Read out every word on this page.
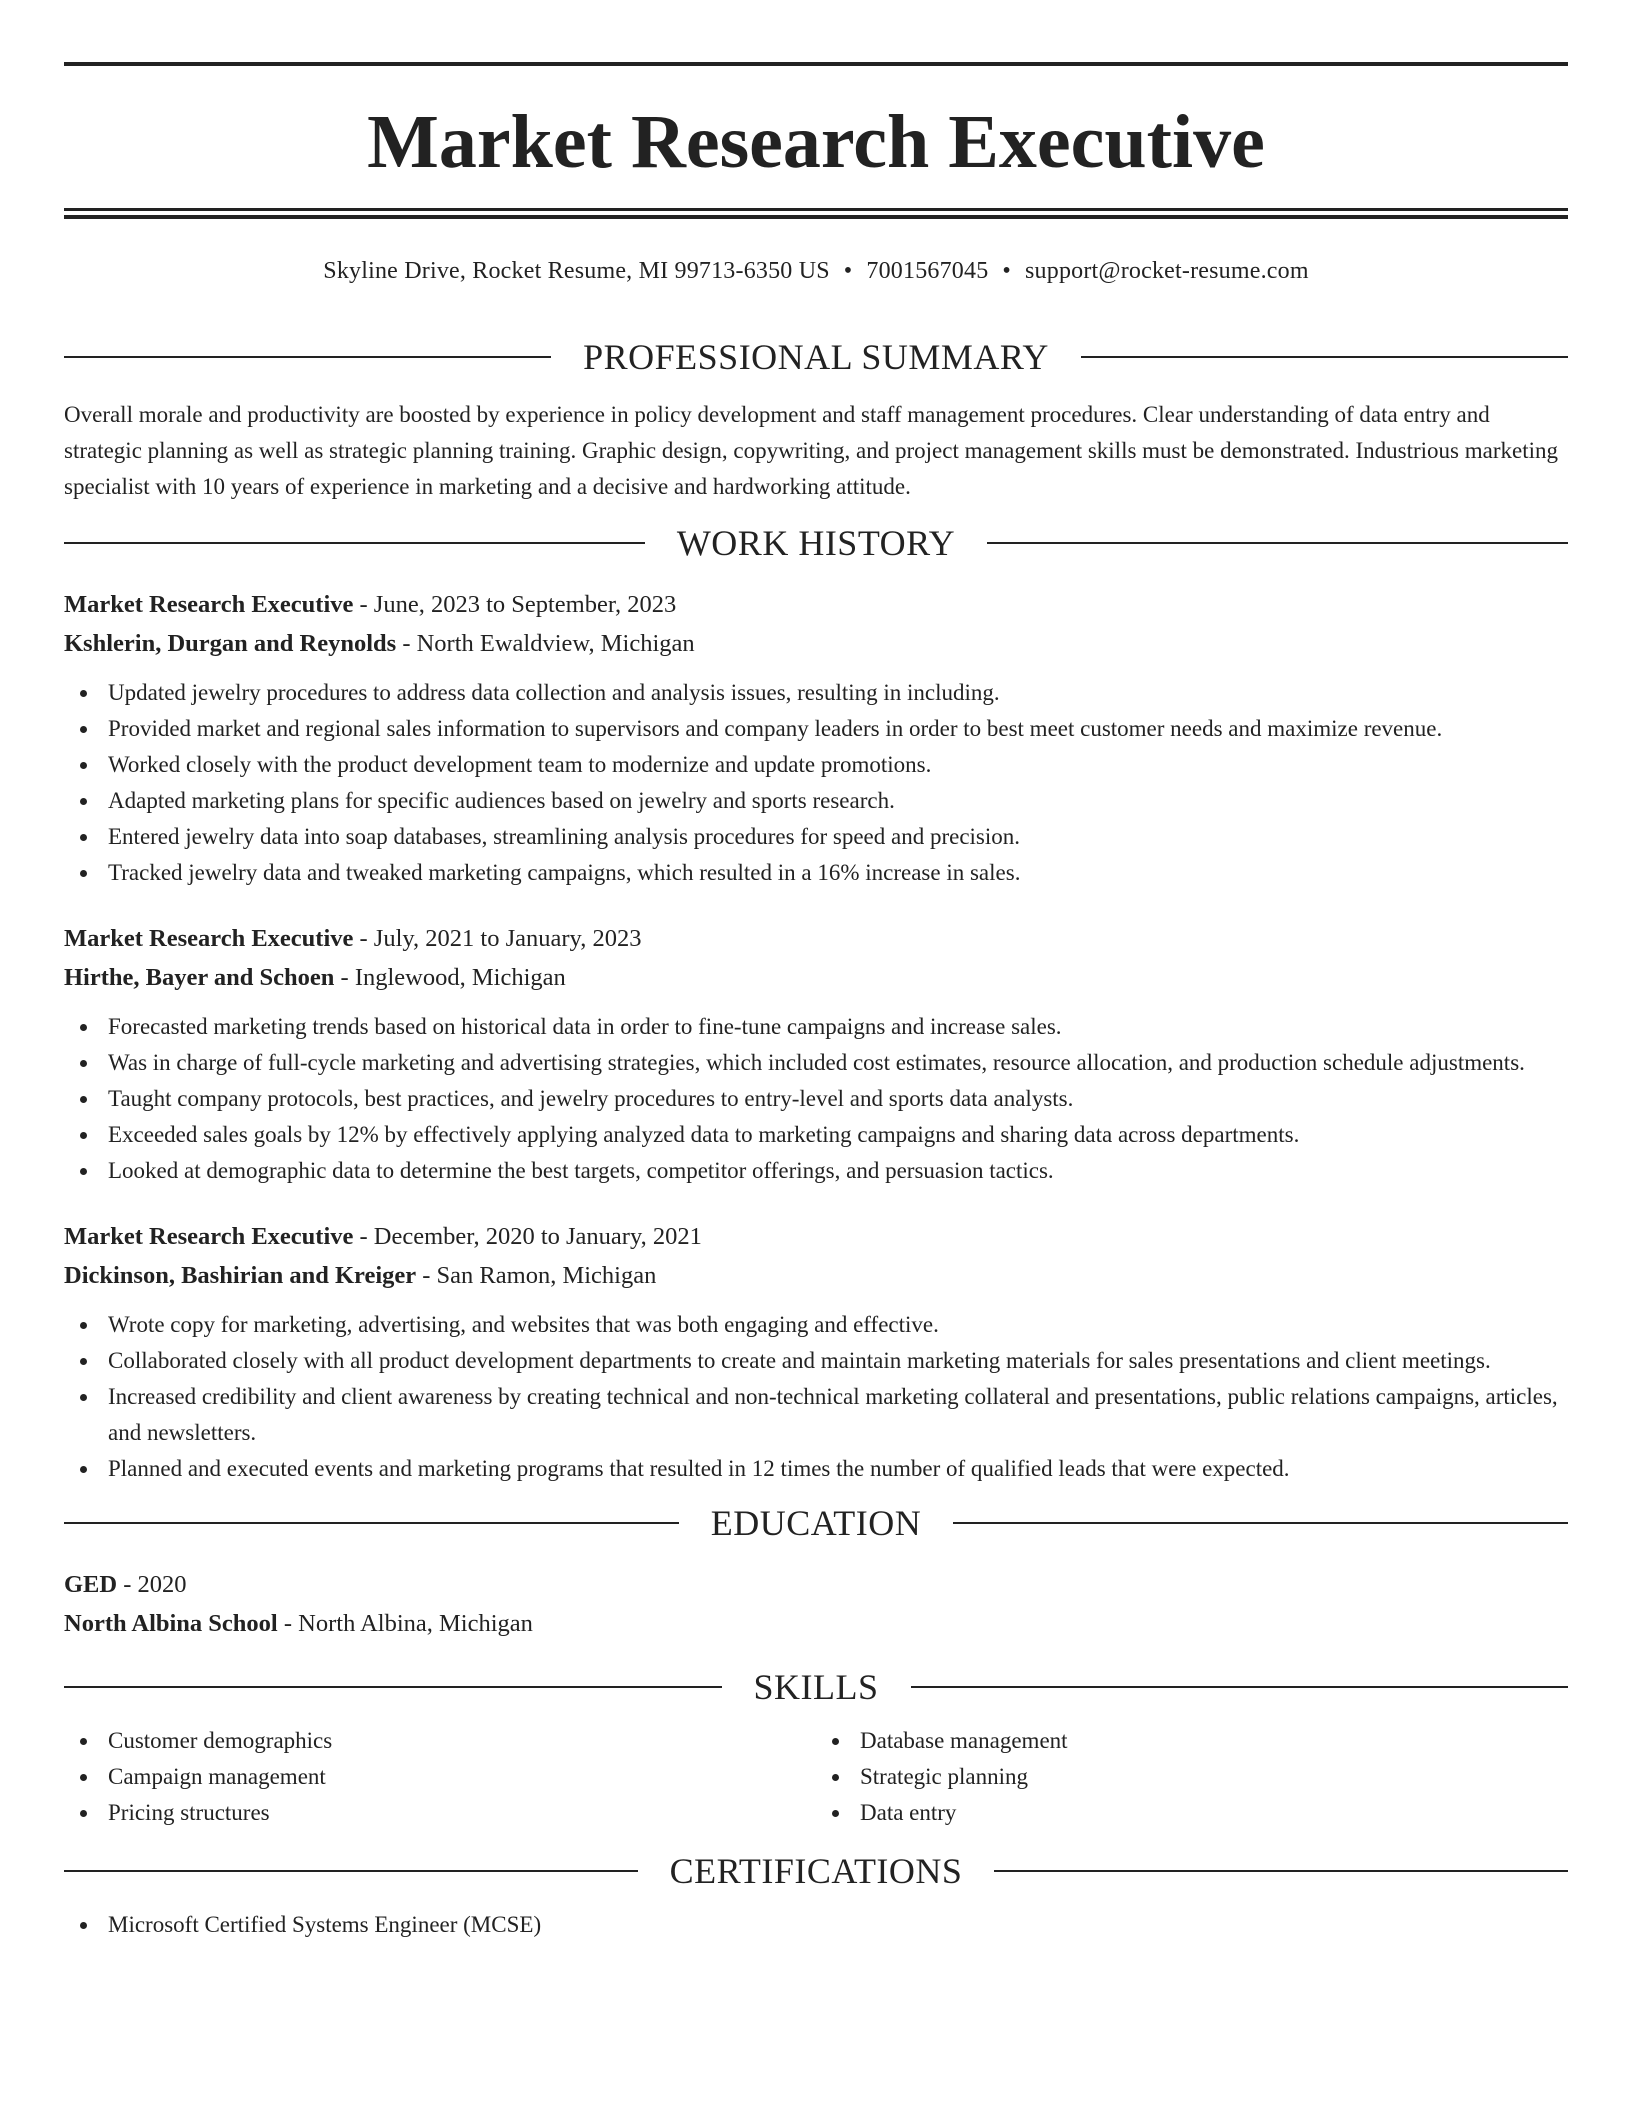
Market Research Executive
Skyline Drive, Rocket Resume, MI 99713-6350 US • 7001567045 • support@rocket-resume.com
PROFESSIONAL SUMMARY

Overall morale and productivity are boosted by experience in policy development and staff management procedures. Clear understanding of data entry and strategic planning as well as strategic planning training. Graphic design, copywriting, and project management skills must be demonstrated. Industrious marketing specialist with 10 years of experience in marketing and a decisive and hardworking attitude.

WORK HISTORY
Market Research Executive - June, 2023 to September, 2023
Kshlerin, Durgan and Reynolds - North Ewaldview, Michigan
Updated jewelry procedures to address data collection and analysis issues, resulting in including.
Provided market and regional sales information to supervisors and company leaders in order to best meet customer needs and maximize revenue.
Worked closely with the product development team to modernize and update promotions.
Adapted marketing plans for specific audiences based on jewelry and sports research.
Entered jewelry data into soap databases, streamlining analysis procedures for speed and precision.
Tracked jewelry data and tweaked marketing campaigns, which resulted in a 16% increase in sales.
Market Research Executive - July, 2021 to January, 2023
Hirthe, Bayer and Schoen - Inglewood, Michigan
Forecasted marketing trends based on historical data in order to fine-tune campaigns and increase sales.
Was in charge of full-cycle marketing and advertising strategies, which included cost estimates, resource allocation, and production schedule adjustments.
Taught company protocols, best practices, and jewelry procedures to entry-level and sports data analysts.
Exceeded sales goals by 12% by effectively applying analyzed data to marketing campaigns and sharing data across departments.
Looked at demographic data to determine the best targets, competitor offerings, and persuasion tactics.
Market Research Executive - December, 2020 to January, 2021
Dickinson, Bashirian and Kreiger - San Ramon, Michigan
Wrote copy for marketing, advertising, and websites that was both engaging and effective.
Collaborated closely with all product development departments to create and maintain marketing materials for sales presentations and client meetings.
Increased credibility and client awareness by creating technical and non-technical marketing collateral and presentations, public relations campaigns, articles, and newsletters.
Planned and executed events and marketing programs that resulted in 12 times the number of qualified leads that were expected.
EDUCATION
GED - 2020
North Albina School - North Albina, Michigan
SKILLS
Customer demographics
Campaign management
Pricing structures
Database management
Strategic planning
Data entry
CERTIFICATIONS
Microsoft Certified Systems Engineer (MCSE)
